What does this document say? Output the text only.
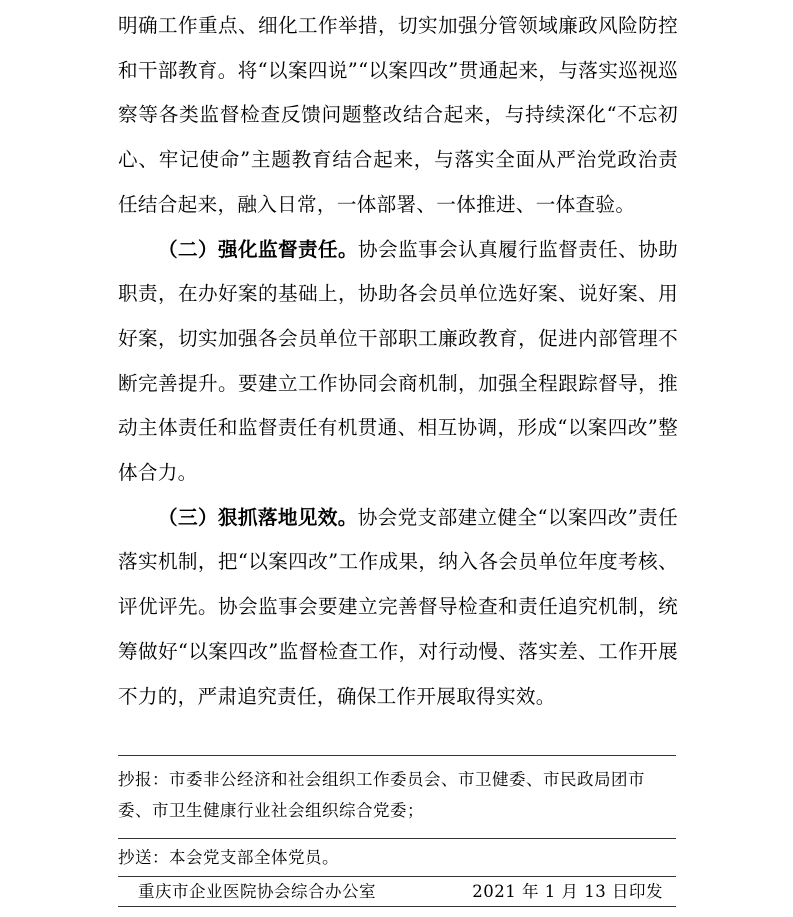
明确工作重点、细化工作举措，切实加强分管领域廉政风险防控和干部教育。将“以案四说”“以案四改”贯通起来，与落实巡视巡察等各类监督检查反馈问题整改结合起来，与持续深化“不忘初心、牢记使命”主题教育结合起来，与落实全面从严治党政治责任结合起来，融入日常，一体部署、一体推进、一体查验。

（二）强化监督责任。协会监事会认真履行监督责任、协助职责，在办好案的基础上，协助各会员单位选好案、说好案、用好案，切实加强各会员单位干部职工廉政教育，促进内部管理不断完善提升。要建立工作协同会商机制，加强全程跟踪督导，推动主体责任和监督责任有机贯通、相互协调，形成“以案四改”整体合力。

（三）狠抓落地见效。协会党支部建立健全“以案四改”责任落实机制，把“以案四改”工作成果，纳入各会员单位年度考核、评优评先。协会监事会要建立完善督导检查和责任追究机制，统筹做好“以案四改”监督检查工作，对行动慢、落实差、工作开展不力的，严肃追究责任，确保工作开展取得实效。

抄报：市委非公经济和社会组织工作委员会、市卫健委、市民政局团市委、市卫生健康行业社会组织综合党委；

抄送：本会党支部全体党员。

重庆市企业医院协会综合办公室	2021 年 1 月 13 日印发
